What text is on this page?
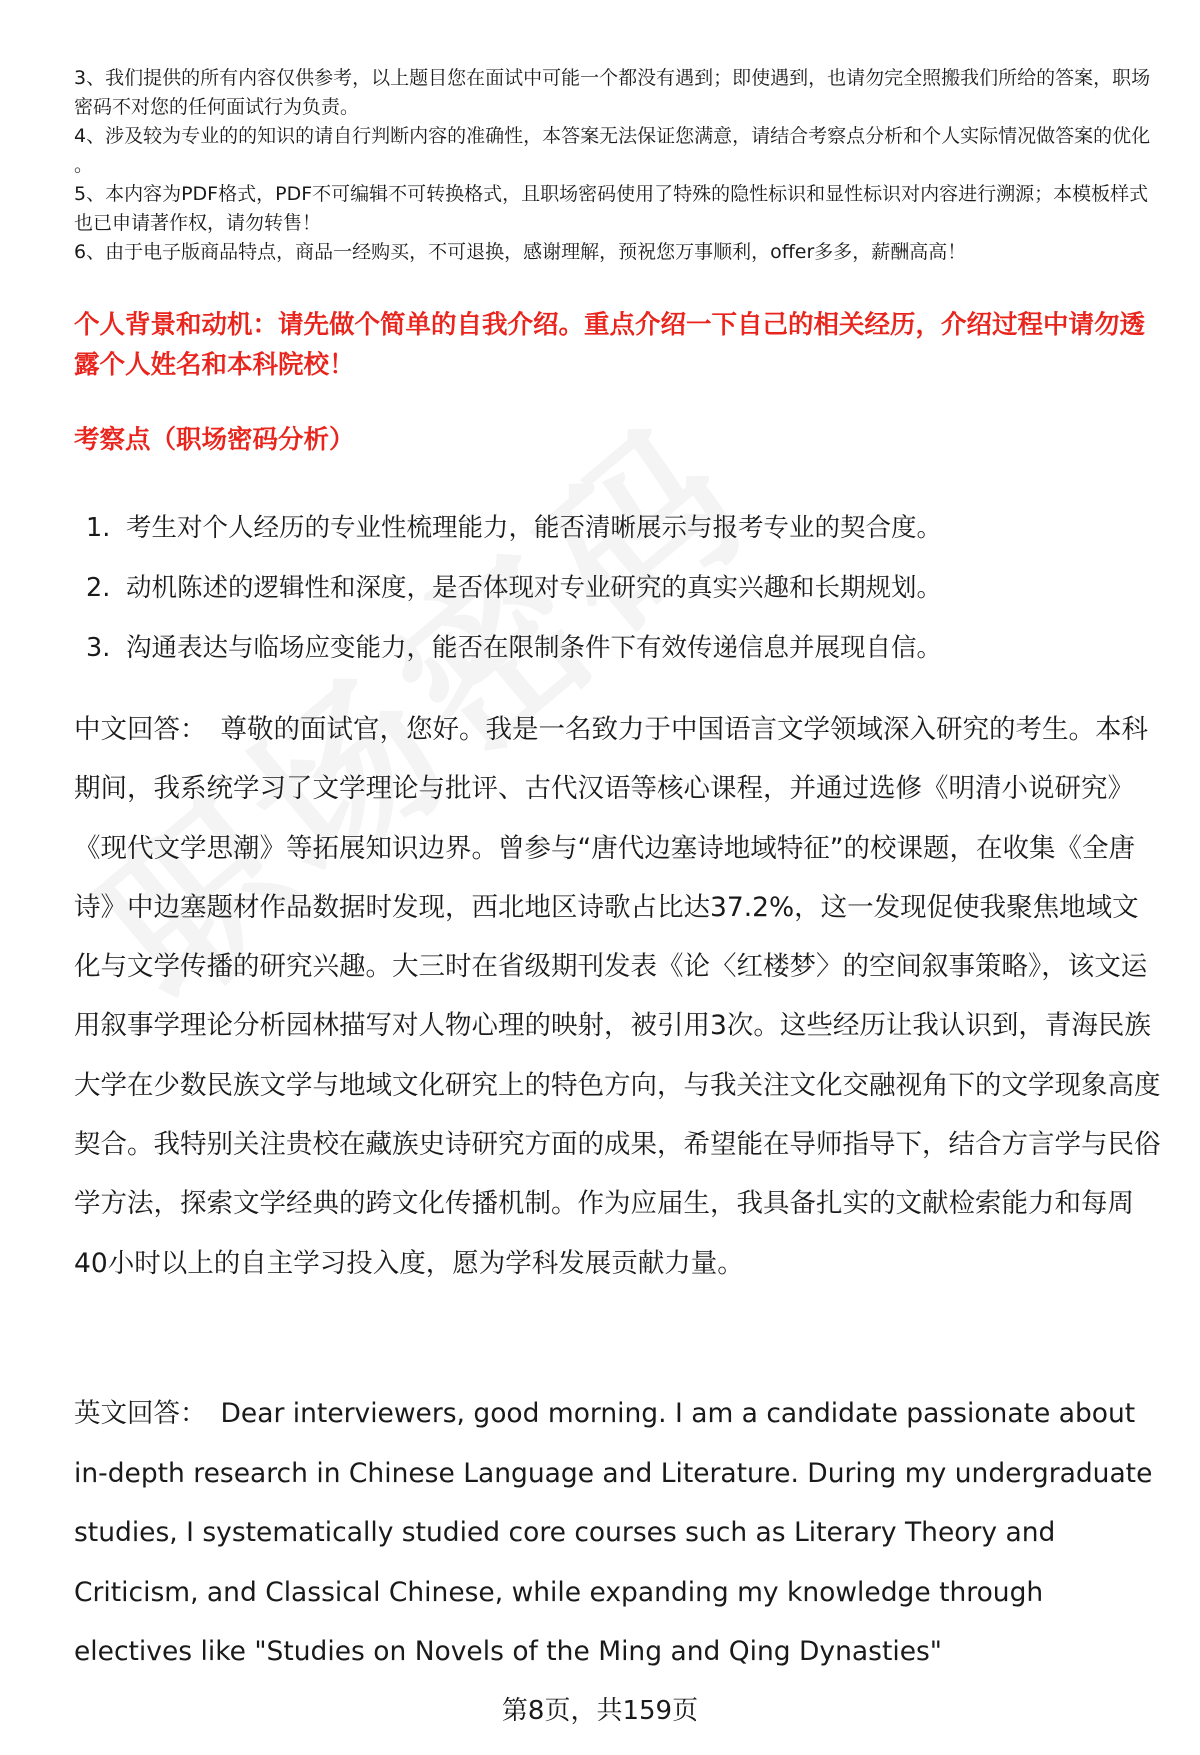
3、我们提供的所有内容仅供参考，以上题目您在面试中可能一个都没有遇到；即使遇到，也请勿完全照搬我们所给的答案，职场密码不对您的任何面试行为负责。

4、涉及较为专业的的知识的请自行判断内容的准确性，本答案无法保证您满意，请结合考察点分析和个人实际情况做答案的优化 。

5、本内容为PDF格式，PDF不可编辑不可转换格式，且职场密码使用了特殊的隐性标识和显性标识对内容进行溯源；本模板样式也已申请著作权，请勿转售！

6、由于电子版商品特点，商品一经购买，不可退换，感谢理解，预祝您万事顺利，offer多多，薪酬高高！

个人背景和动机：请先做个简单的自我介绍。重点介绍一下自己的相关经历，介绍过程中请勿透露个人姓名和本科院校！

考察点（职场密码分析）

1. 考生对个人经历的专业性梳理能力，能否清晰展示与报考专业的契合度。
2. 动机陈述的逻辑性和深度，是否体现对专业研究的真实兴趣和长期规划。
3. 沟通表达与临场应变能力，能否在限制条件下有效传递信息并展现自信。

中文回答： 尊敬的面试官，您好。我是一名致力于中国语言文学领域深入研究的考生。本科期间，我系统学习了文学理论与批评、古代汉语等核心课程，并通过选修《明清小说研究》《现代文学思潮》等拓展知识边界。曾参与“唐代边塞诗地域特征”的校课题，在收集《全唐诗》中边塞题材作品数据时发现，西北地区诗歌占比达37.2%，这一发现促使我聚焦地域文化与文学传播的研究兴趣。大三时在省级期刊发表《论〈红楼梦〉的空间叙事策略》，该文运用叙事学理论分析园林描写对人物心理的映射，被引用3次。这些经历让我认识到，青海民族大学在少数民族文学与地域文化研究上的特色方向，与我关注文化交融视角下的文学现象高度契合。我特别关注贵校在藏族史诗研究方面的成果，希望能在导师指导下，结合方言学与民俗学方法，探索文学经典的跨文化传播机制。作为应届生，我具备扎实的文献检索能力和每周40小时以上的自主学习投入度，愿为学科发展贡献力量。

英文回答： Dear interviewers, good morning. I am a candidate passionate about in-depth research in Chinese Language and Literature. During my undergraduate studies, I systematically studied core courses such as Literary Theory and Criticism, and Classical Chinese, while expanding my knowledge through electives like "Studies on Novels of the Ming and Qing Dynasties"

第8页，共159页
